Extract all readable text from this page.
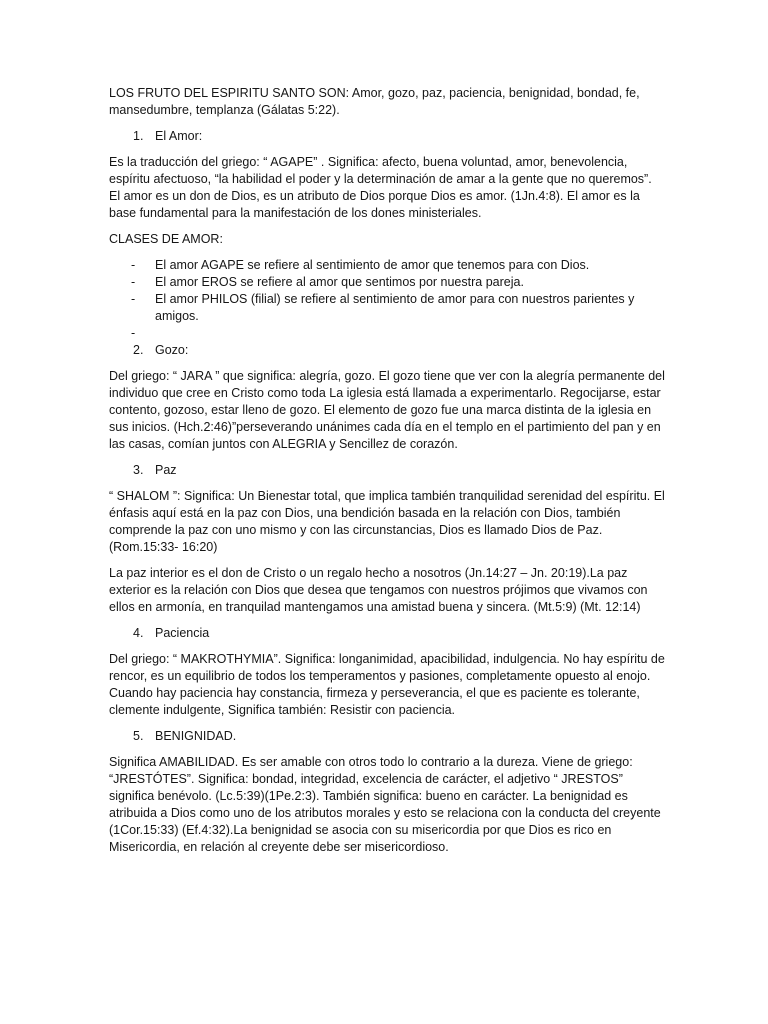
LOS FRUTO DEL ESPIRITU SANTO SON: Amor, gozo, paz, paciencia, benignidad, bondad, fe, mansedumbre, templanza (Gálatas 5:22).

1. El Amor:

Es la traducción del griego: “ AGAPE” . Significa: afecto, buena voluntad, amor, benevolencia, espíritu afectuoso, “la habilidad el poder y la determinación de amar a la gente que no queremos”. El amor es un don de Dios, es un atributo de Dios porque Dios es amor. (1Jn.4:8). El amor es la base fundamental para la manifestación de los dones ministeriales.

CLASES DE AMOR:

- El amor AGAPE se refiere al sentimiento de amor que tenemos para con Dios.
- El amor EROS se refiere al amor que sentimos por nuestra pareja.
- El amor PHILOS (filial) se refiere al sentimiento de amor para con nuestros parientes y amigos.
-
2. Gozo:

Del griego: “ JARA ” que significa: alegría, gozo. El gozo tiene que ver con la alegría permanente del individuo que cree en Cristo como toda La iglesia está llamada a experimentarlo. Regocijarse, estar contento, gozoso, estar lleno de gozo. El elemento de gozo fue una marca distinta de la iglesia en sus inicios. (Hch.2:46)”perseverando unánimes cada día en el templo en el partimiento del pan y en las casas, comían juntos con ALEGRIA y Sencillez de corazón.

3. Paz

“ SHALOM ”: Significa: Un Bienestar total, que implica también tranquilidad serenidad del espíritu. El énfasis aquí está en la paz con Dios, una bendición basada en la relación con Dios, también comprende la paz con uno mismo y con las circunstancias, Dios es llamado Dios de Paz.(Rom.15:33- 16:20)

La paz interior es el don de Cristo o un regalo hecho a nosotros (Jn.14:27 – Jn. 20:19).La paz exterior es la relación con Dios que desea que tengamos con nuestros prójimos que vivamos con ellos en armonía, en tranquilad mantengamos una amistad buena y sincera. (Mt.5:9) (Mt. 12:14)

4. Paciencia

Del griego: “ MAKROTHYMIA”. Significa: longanimidad, apacibilidad, indulgencia. No hay espíritu de rencor, es un equilibrio de todos los temperamentos y pasiones, completamente opuesto al enojo. Cuando hay paciencia hay constancia, firmeza y perseverancia, el que es paciente es tolerante, clemente indulgente, Significa también: Resistir con paciencia.

5. BENIGNIDAD.

Significa AMABILIDAD. Es ser amable con otros todo lo contrario a la dureza. Viene de griego: “JRESTÓTES”. Significa: bondad, integridad, excelencia de carácter, el adjetivo “ JRESTOS” significa benévolo. (Lc.5:39)(1Pe.2:3). También significa: bueno en carácter. La benignidad es atribuida a Dios como uno de los atributos morales y esto se relaciona con la conducta del creyente (1Cor.15:33) (Ef.4:32).La benignidad se asocia con su misericordia por que Dios es rico en Misericordia, en relación al creyente debe ser misericordioso.
